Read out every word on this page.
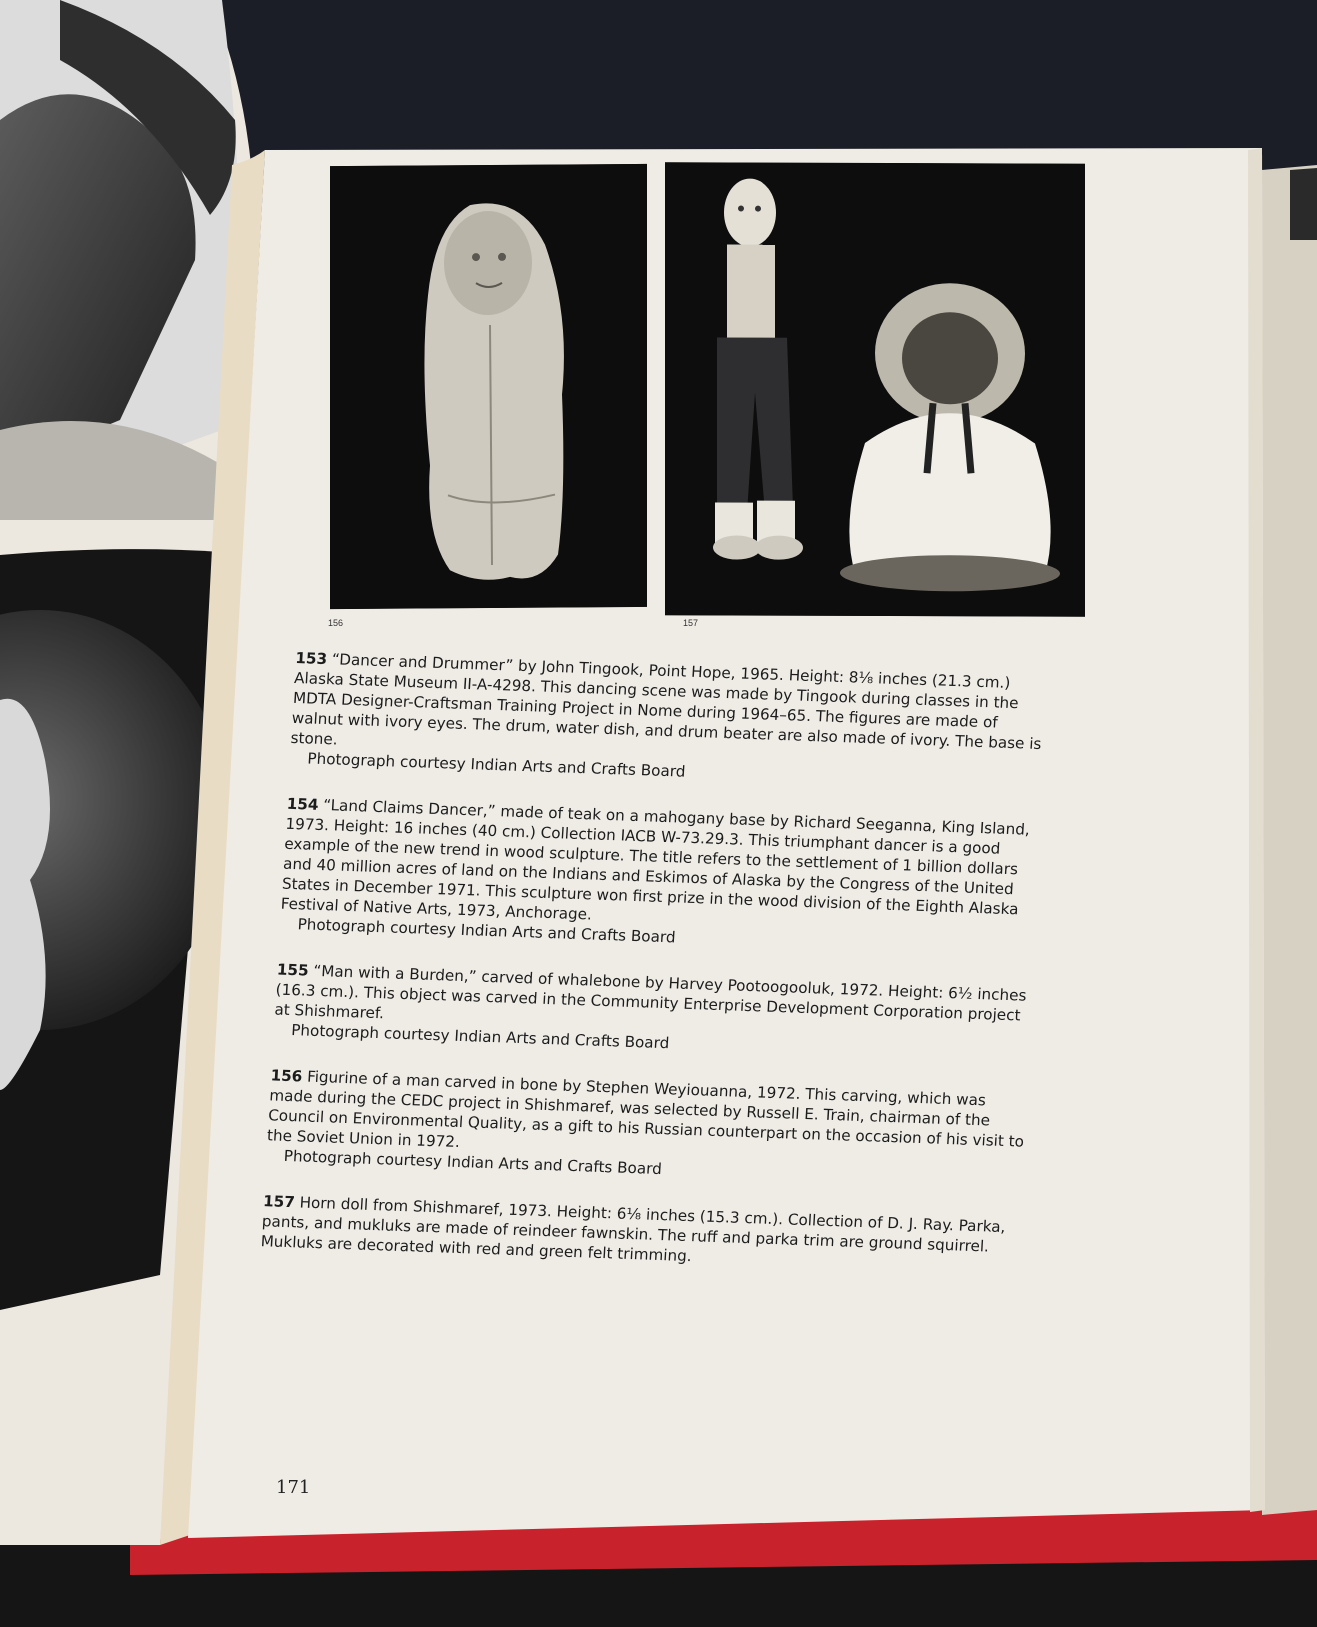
156	157

153 “Dancer and Drummer” by John Tingook, Point Hope, 1965. Height: 8¹⁄₈ inches (21.3 cm.) Alaska State Museum II-A-4298. This dancing scene was made by Tingook during classes in the MDTA Designer-Craftsman Training Project in Nome during 1964–65. The figures are made of walnut with ivory eyes. The drum, water dish, and drum beater are also made of ivory. The base is stone.
Photograph courtesy Indian Arts and Crafts Board

154 “Land Claims Dancer,” made of teak on a mahogany base by Richard Seeganna, King Island, 1973. Height: 16 inches (40 cm.) Collection IACB W-73.29.3. This triumphant dancer is a good example of the new trend in wood sculpture. The title refers to the settlement of 1 billion dollars and 40 million acres of land on the Indians and Eskimos of Alaska by the Congress of the United States in December 1971. This sculpture won first prize in the wood division of the Eighth Alaska Festival of Native Arts, 1973, Anchorage.
Photograph courtesy Indian Arts and Crafts Board

155 “Man with a Burden,” carved of whalebone by Harvey Pootoogooluk, 1972. Height: 6¹⁄₂ inches (16.3 cm.). This object was carved in the Community Enterprise Development Corporation project at Shishmaref.
Photograph courtesy Indian Arts and Crafts Board

156 Figurine of a man carved in bone by Stephen Weyiouanna, 1972. This carving, which was made during the CEDC project in Shishmaref, was selected by Russell E. Train, chairman of the Council on Environmental Quality, as a gift to his Russian counterpart on the occasion of his visit to the Soviet Union in 1972.
Photograph courtesy Indian Arts and Crafts Board

157 Horn doll from Shishmaref, 1973. Height: 6¹⁄₈ inches (15.3 cm.). Collection of D. J. Ray. Parka, pants, and mukluks are made of reindeer fawnskin. The ruff and parka trim are ground squirrel. Mukluks are decorated with red and green felt trimming.

171
